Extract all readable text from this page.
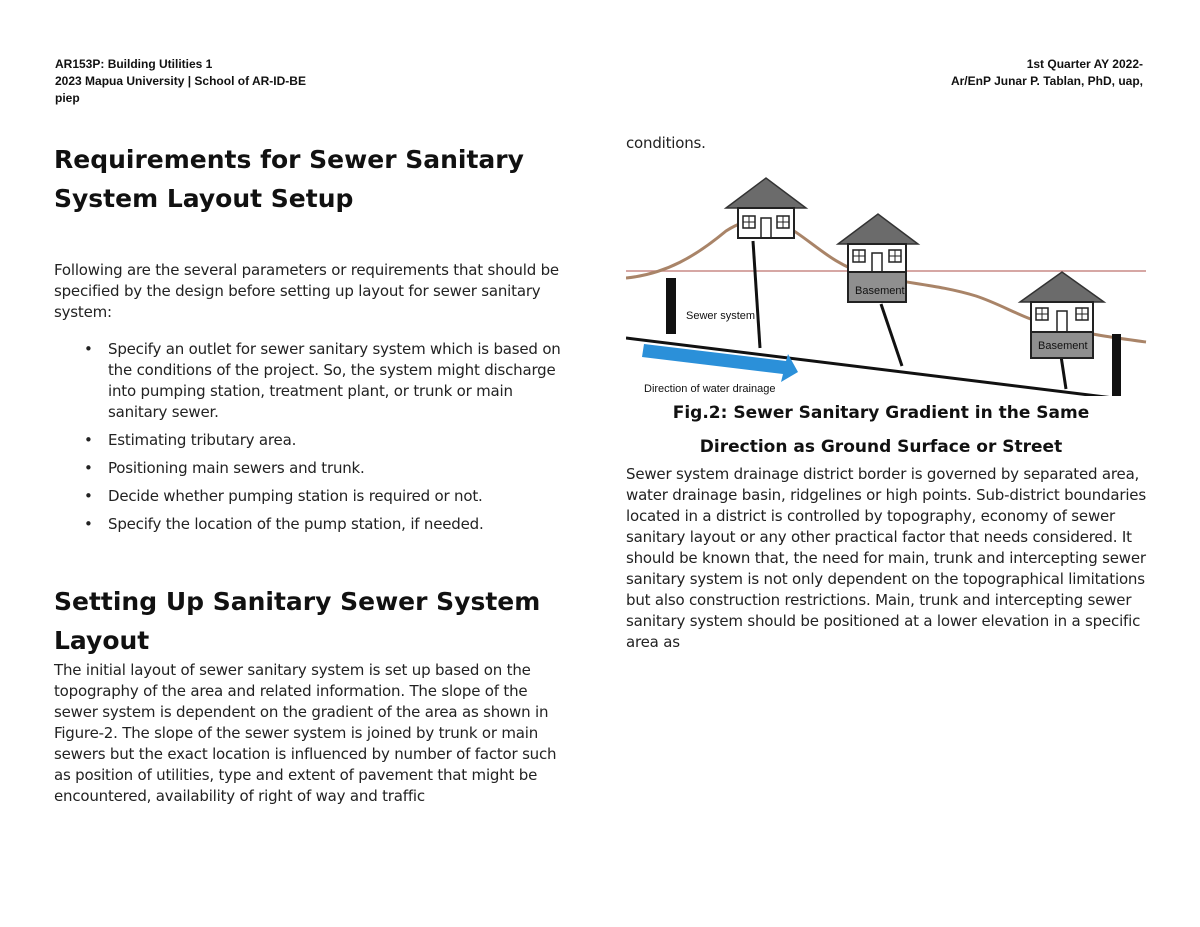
AR153P: Building Utilities 1
2023 Mapua University | School of AR-ID-BE
piep
1st Quarter AY 2022-
Ar/EnP Junar P. Tablan, PhD, uap,
Requirements for Sewer Sanitary
System Layout Setup

Following are the several parameters or requirements that should be specified by the design before setting up layout for sewer sanitary system:

• Specify an outlet for sewer sanitary system which is based on the conditions of the project. So, the system might discharge into pumping station, treatment plant, or trunk or main sanitary sewer.
• Estimating tributary area.
• Positioning main sewers and trunk.
• Decide whether pumping station is required or not.
• Specify the location of the pump station, if needed.
Setting Up Sanitary Sewer System
Layout

The initial layout of sewer sanitary system is set up based on the topography of the area and related information. The slope of the sewer system is dependent on the gradient of the area as shown in Figure-2. The slope of the sewer system is joined by trunk or main sewers but the exact location is influenced by number of factor such as position of utilities, type and extent of pavement that might be encountered, availability of right of way and traffic

conditions.

Basement
Basement
Sewer system
Direction of water drainage
Fig.2: Sewer Sanitary Gradient in the Same
Direction as Ground Surface or Street

Sewer system drainage district border is governed by separated area, water drainage basin, ridgelines or high points. Sub-district boundaries located in a district is controlled by topography, economy of sewer sanitary layout or any other practical factor that needs considered. It should be known that, the need for main, trunk and intercepting sewer sanitary system is not only dependent on the topographical limitations but also construction restrictions. Main, trunk and intercepting sewer sanitary system should be positioned at a lower elevation in a specific area as
